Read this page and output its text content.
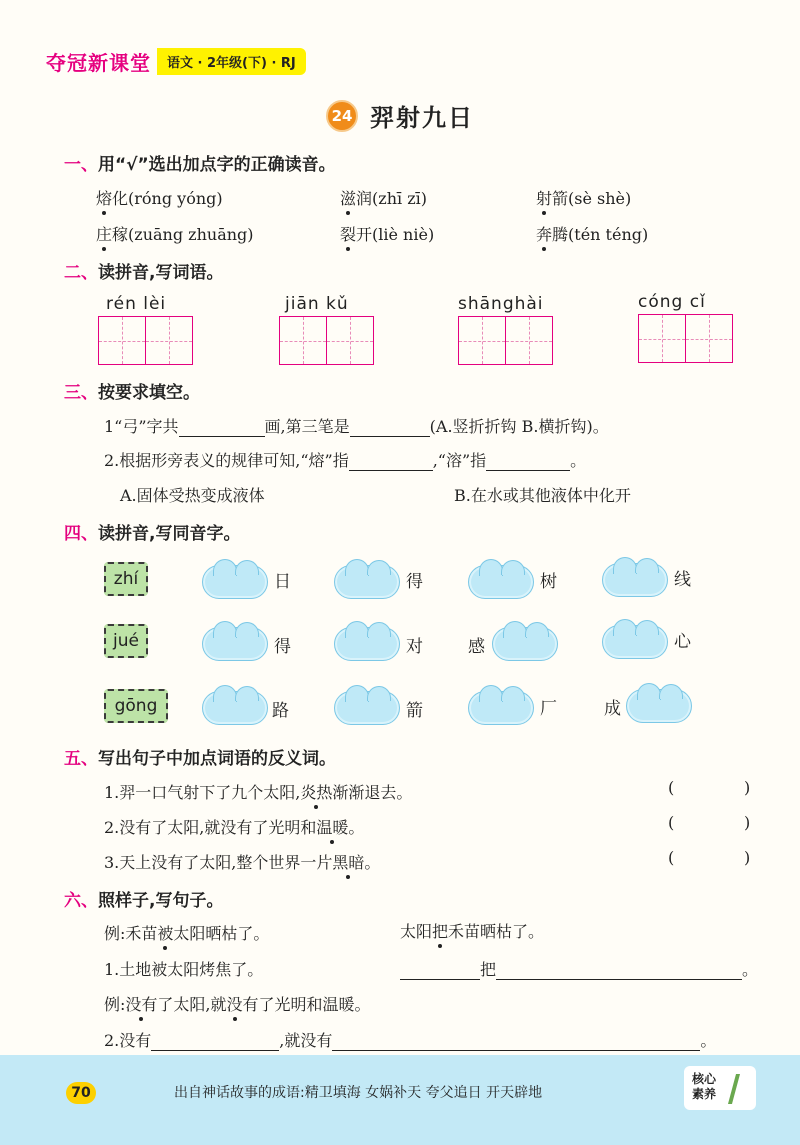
夺冠新课堂	语文 · 2年级(下) · RJ
24 羿射九日
一、用“√”选出加点字的正确读音。
熔化(róng yóng)	滋润(zhī zī)	射箭(sè shè)
庄稼(zuāng zhuāng)	裂开(liè niè)	奔腾(tén téng)
二、读拼音,写词语。
rén lèi	jiān kǔ	shānghài	cóng cǐ
三、按要求填空。
1“弓”字共	画,第三笔是	(A.竖折折钩 B.横折钩)。
2.根据形旁表义的规律可知,“熔”指	,“溶”指	。
A.固体受热变成液体	B.在水或其他液体中化开
四、读拼音,写同音字。
zhí	日	得	树	线
jué	得	对	感	心
gōng	路	箭	厂	成
五、写出句子中加点词语的反义词。
1.羿一口气射下了九个太阳,炎热渐渐退去。	(	)
2.没有了太阳,就没有了光明和温暖。	(	)
3.天上没有了太阳,整个世界一片黑暗。	(	)
六、照样子,写句子。
例:禾苗被太阳晒枯了。	太阳把禾苗晒枯了。
1.土地被太阳烤焦了。	把	。
例:没有了太阳,就没有了光明和温暖。
2.没有	,就没有	。
70	出自神话故事的成语:精卫填海 女娲补天 夸父追日 开天辟地
核心
素养
